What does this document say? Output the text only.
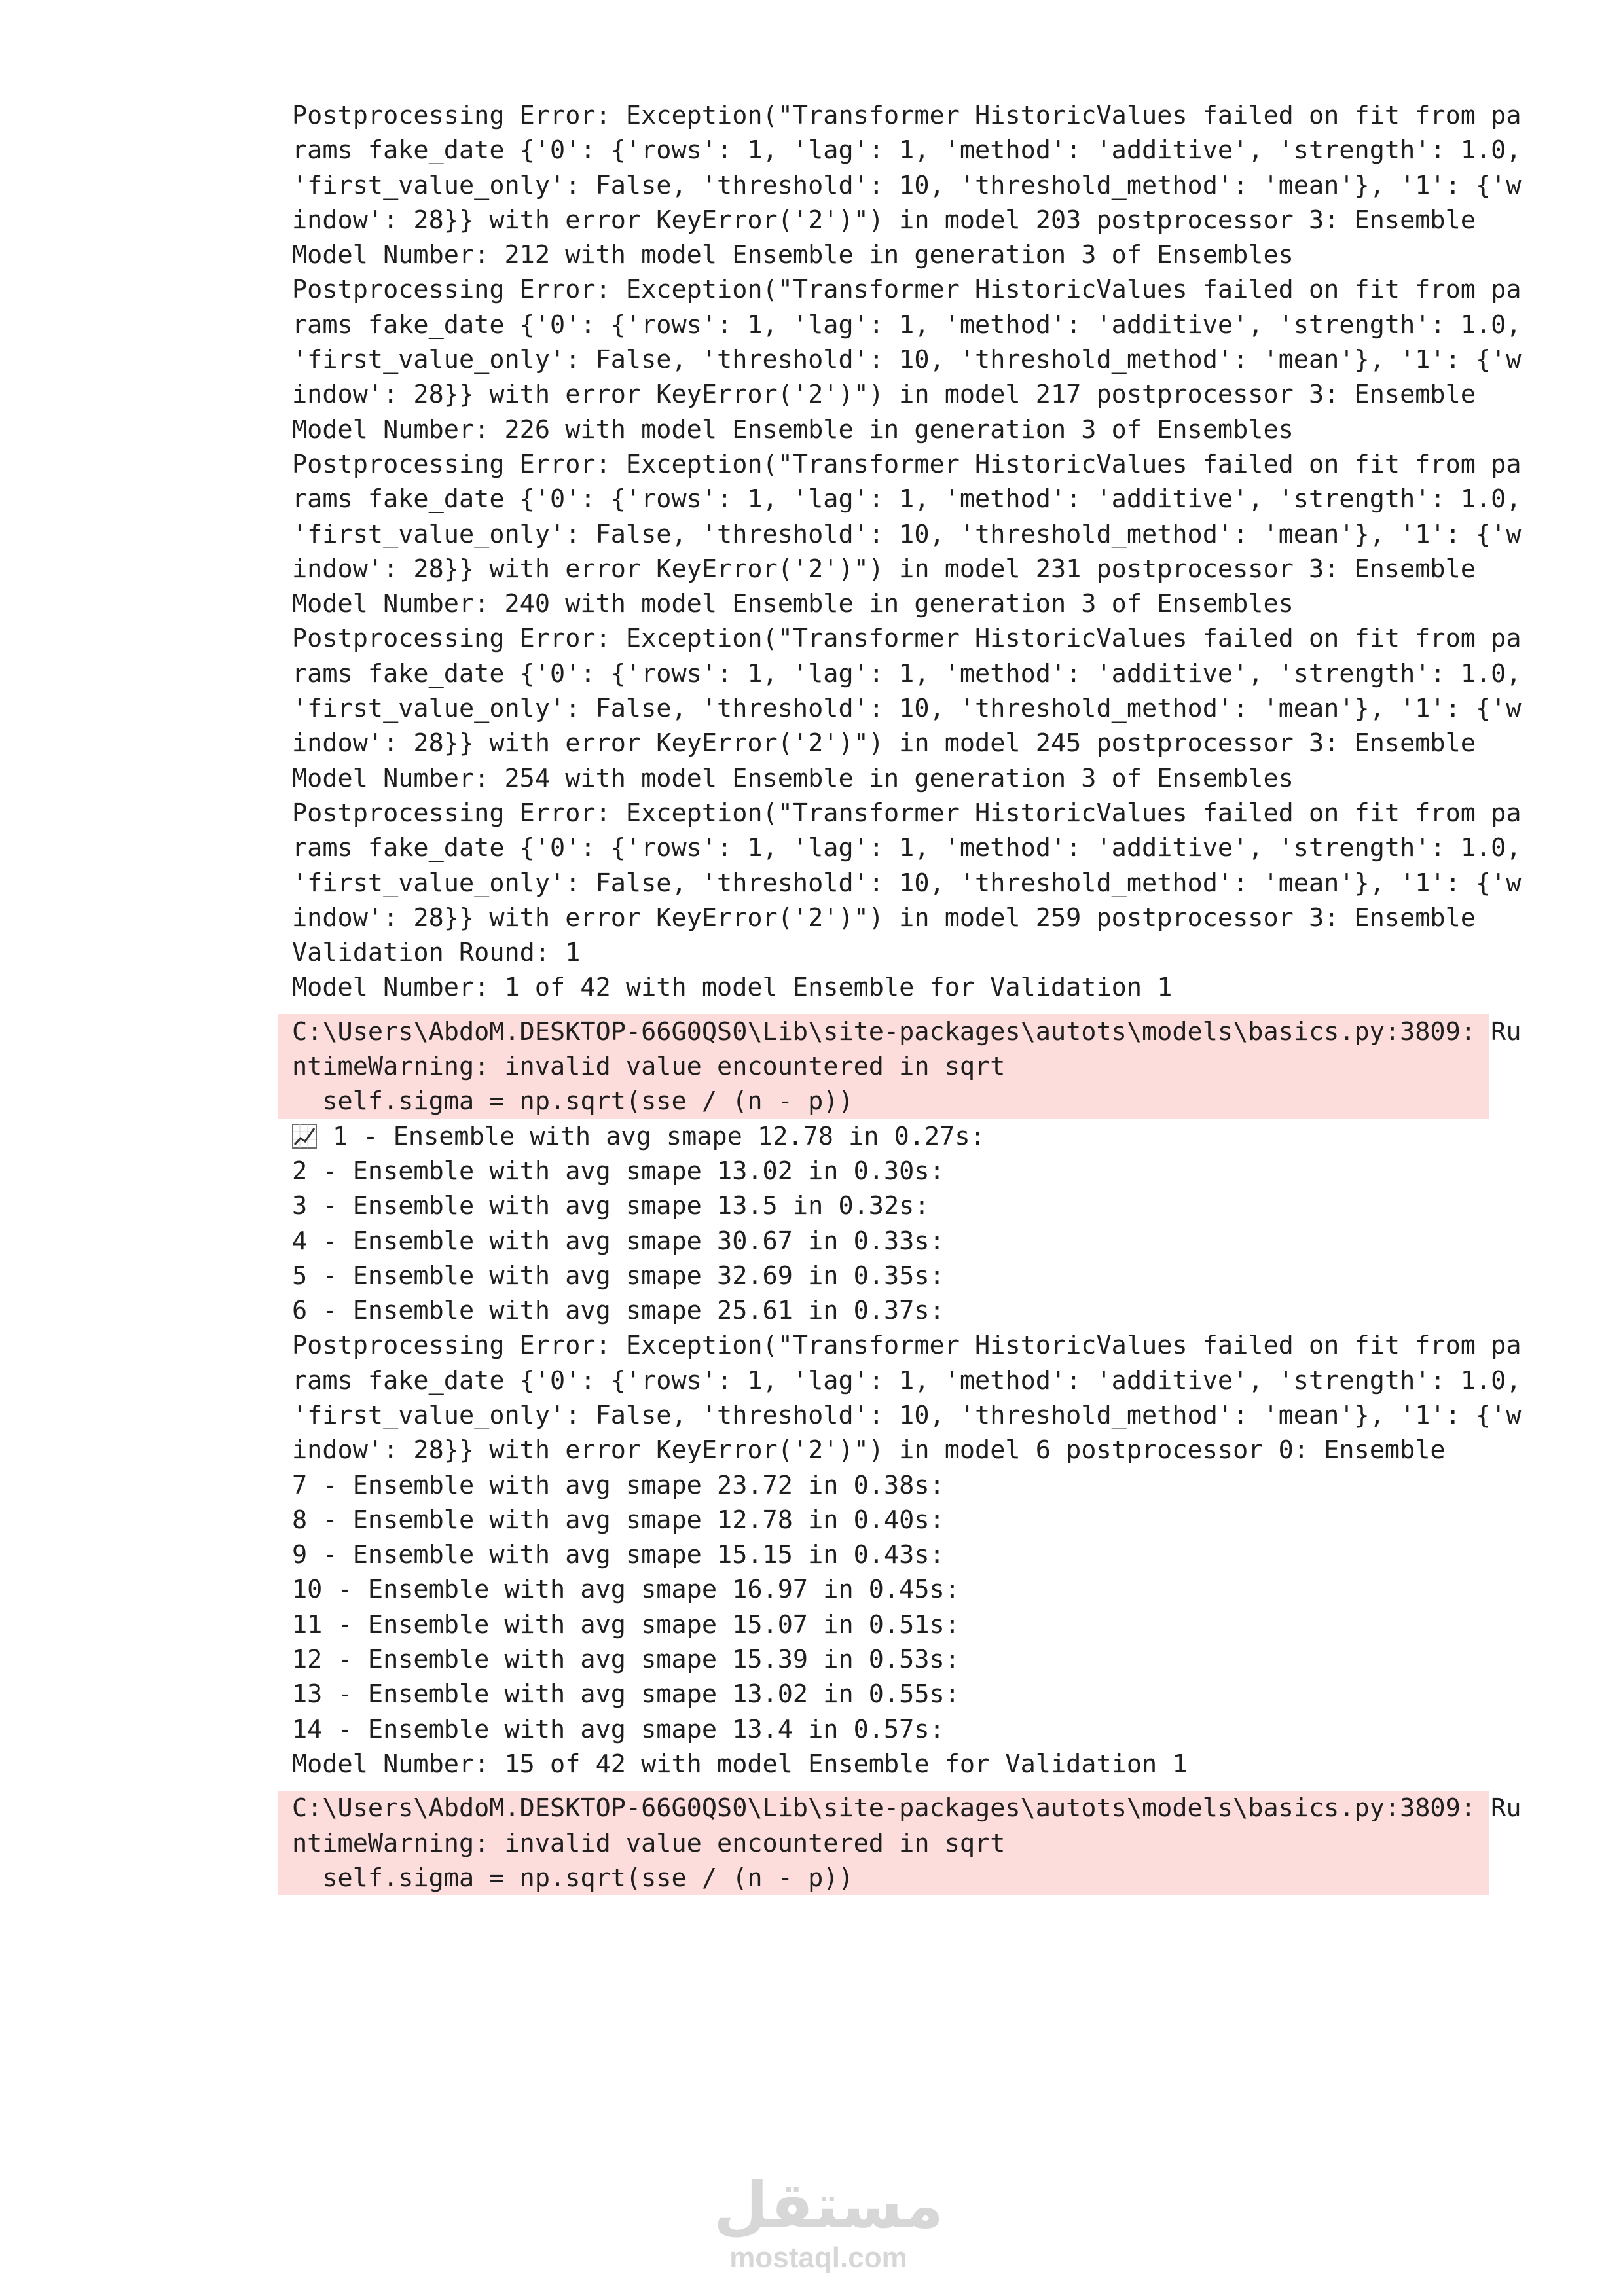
Postprocessing Error: Exception("Transformer HistoricValues failed on fit from pa
rams fake_date {'0': {'rows': 1, 'lag': 1, 'method': 'additive', 'strength': 1.0,
'first_value_only': False, 'threshold': 10, 'threshold_method': 'mean'}, '1': {'w
indow': 28}} with error KeyError('2')") in model 203 postprocessor 3: Ensemble
Model Number: 212 with model Ensemble in generation 3 of Ensembles
Postprocessing Error: Exception("Transformer HistoricValues failed on fit from pa
rams fake_date {'0': {'rows': 1, 'lag': 1, 'method': 'additive', 'strength': 1.0,
'first_value_only': False, 'threshold': 10, 'threshold_method': 'mean'}, '1': {'w
indow': 28}} with error KeyError('2')") in model 217 postprocessor 3: Ensemble
Model Number: 226 with model Ensemble in generation 3 of Ensembles
Postprocessing Error: Exception("Transformer HistoricValues failed on fit from pa
rams fake_date {'0': {'rows': 1, 'lag': 1, 'method': 'additive', 'strength': 1.0,
'first_value_only': False, 'threshold': 10, 'threshold_method': 'mean'}, '1': {'w
indow': 28}} with error KeyError('2')") in model 231 postprocessor 3: Ensemble
Model Number: 240 with model Ensemble in generation 3 of Ensembles
Postprocessing Error: Exception("Transformer HistoricValues failed on fit from pa
rams fake_date {'0': {'rows': 1, 'lag': 1, 'method': 'additive', 'strength': 1.0,
'first_value_only': False, 'threshold': 10, 'threshold_method': 'mean'}, '1': {'w
indow': 28}} with error KeyError('2')") in model 245 postprocessor 3: Ensemble
Model Number: 254 with model Ensemble in generation 3 of Ensembles
Postprocessing Error: Exception("Transformer HistoricValues failed on fit from pa
rams fake_date {'0': {'rows': 1, 'lag': 1, 'method': 'additive', 'strength': 1.0,
'first_value_only': False, 'threshold': 10, 'threshold_method': 'mean'}, '1': {'w
indow': 28}} with error KeyError('2')") in model 259 postprocessor 3: Ensemble
Validation Round: 1
Model Number: 1 of 42 with model Ensemble for Validation 1
C:\Users\AbdoM.DESKTOP-66G0QS0\Lib\site-packages\autots\models\basics.py:3809: Ru
ntimeWarning: invalid value encountered in sqrt
self.sigma = np.sqrt(sse / (n - p))
1 - Ensemble with avg smape 12.78 in 0.27s:
2 - Ensemble with avg smape 13.02 in 0.30s:
3 - Ensemble with avg smape 13.5 in 0.32s:
4 - Ensemble with avg smape 30.67 in 0.33s:
5 - Ensemble with avg smape 32.69 in 0.35s:
6 - Ensemble with avg smape 25.61 in 0.37s:
Postprocessing Error: Exception("Transformer HistoricValues failed on fit from pa
rams fake_date {'0': {'rows': 1, 'lag': 1, 'method': 'additive', 'strength': 1.0,
'first_value_only': False, 'threshold': 10, 'threshold_method': 'mean'}, '1': {'w
indow': 28}} with error KeyError('2')") in model 6 postprocessor 0: Ensemble
7 - Ensemble with avg smape 23.72 in 0.38s:
8 - Ensemble with avg smape 12.78 in 0.40s:
9 - Ensemble with avg smape 15.15 in 0.43s:
10 - Ensemble with avg smape 16.97 in 0.45s:
11 - Ensemble with avg smape 15.07 in 0.51s:
12 - Ensemble with avg smape 15.39 in 0.53s:
13 - Ensemble with avg smape 13.02 in 0.55s:
14 - Ensemble with avg smape 13.4 in 0.57s:
Model Number: 15 of 42 with model Ensemble for Validation 1
C:\Users\AbdoM.DESKTOP-66G0QS0\Lib\site-packages\autots\models\basics.py:3809: Ru
ntimeWarning: invalid value encountered in sqrt
self.sigma = np.sqrt(sse / (n - p))
مستقل
mostaql.com
